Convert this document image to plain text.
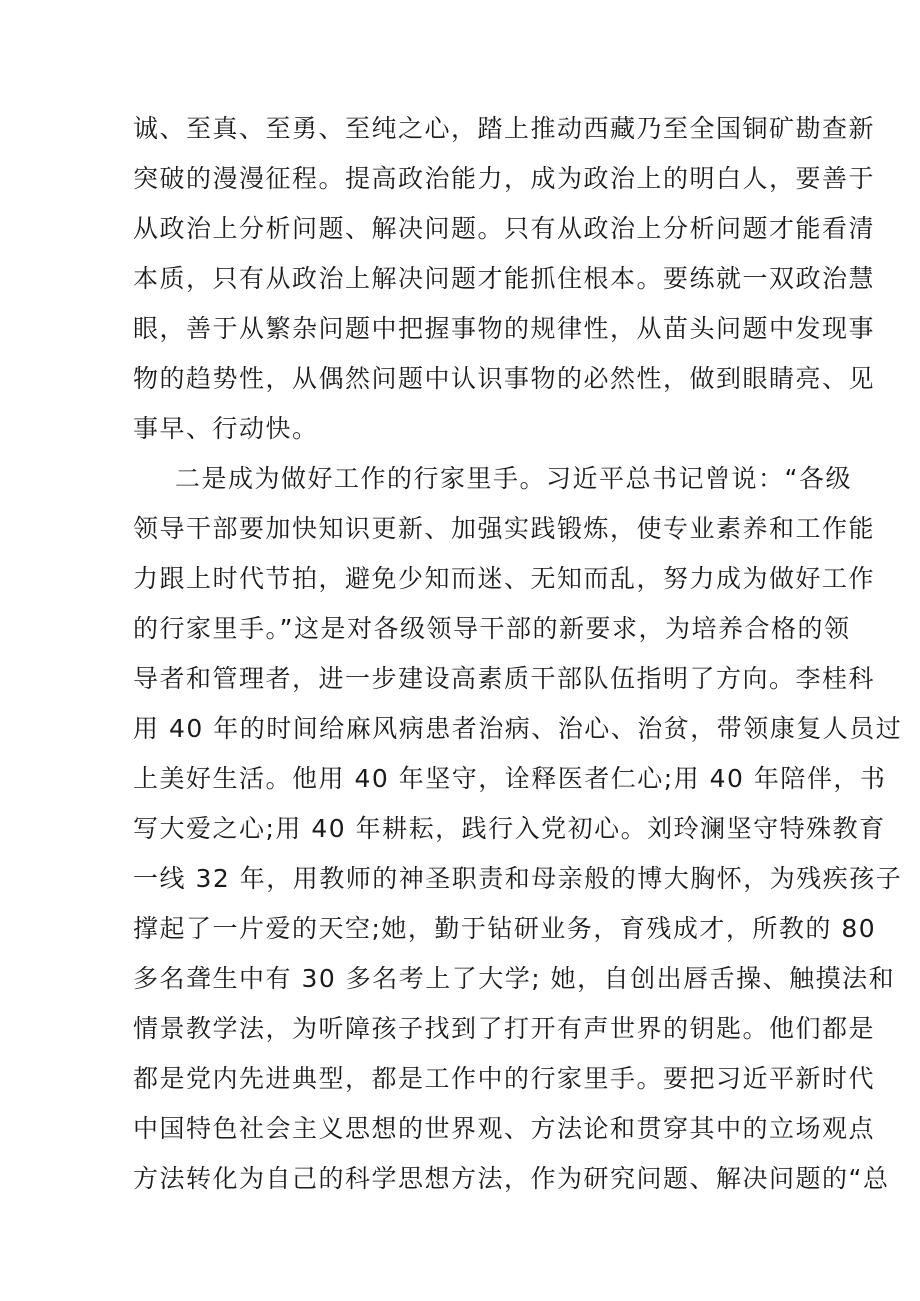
诚、至真、至勇、至纯之心，踏上推动西藏乃至全国铜矿勘查新
突破的漫漫征程。提高政治能力，成为政治上的明白人，要善于
从政治上分析问题、解决问题。只有从政治上分析问题才能看清
本质，只有从政治上解决问题才能抓住根本。要练就一双政治慧
眼，善于从繁杂问题中把握事物的规律性，从苗头问题中发现事
物的趋势性，从偶然问题中认识事物的必然性，做到眼睛亮、见
事早、行动快。
二是成为做好工作的行家里手。习近平总书记曾说：“各级
领导干部要加快知识更新、加强实践锻炼，使专业素养和工作能
力跟上时代节拍，避免少知而迷、无知而乱，努力成为做好工作
的行家里手。”这是对各级领导干部的新要求，为培养合格的领
导者和管理者，进一步建设高素质干部队伍指明了方向。李桂科
用 40 年的时间给麻风病患者治病、治心、治贫，带领康复人员过
上美好生活。他用 40 年坚守，诠释医者仁心;用 40 年陪伴，书
写大爱之心;用 40 年耕耘，践行入党初心。刘玲澜坚守特殊教育
一线 32 年，用教师的神圣职责和母亲般的博大胸怀，为残疾孩子
撑起了一片爱的天空;她，勤于钻研业务，育残成才，所教的 80
多名聋生中有 30 多名考上了大学; 她，自创出唇舌操、触摸法和
情景教学法，为听障孩子找到了打开有声世界的钥匙。他们都是
都是党内先进典型，都是工作中的行家里手。要把习近平新时代
中国特色社会主义思想的世界观、方法论和贯穿其中的立场观点
方法转化为自己的科学思想方法，作为研究问题、解决问题的“总
